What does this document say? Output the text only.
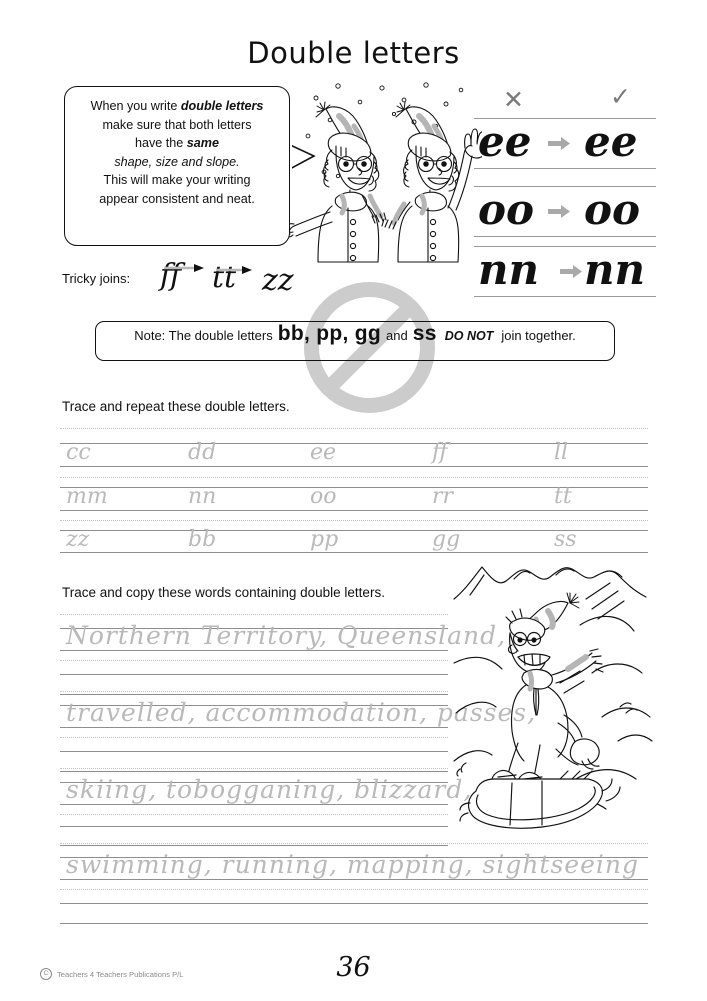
Double letters
When you write double letters
make sure that both letters
have the same
shape, size and slope.
This will make your writing
appear consistent and neat.
✕	✓
ee ee
oo oo
nn nn
Tricky joins: ff tt zz
Note: The double letters bb, pp, gg and ss DO NOT join together.
Trace and repeat these double letters.
cc	dd	ee	ff	ll
mm	nn	oo	rr	tt
zz	bb	pp	gg	ss
Trace and copy these words containing double letters.
Northern Territory, Queensland,
travelled, accommodation, passes,
skiing, tobogganing, blizzard,
swimming, running, mapping, sightseeing
C	Teachers 4 Teachers Publications P/L	36
